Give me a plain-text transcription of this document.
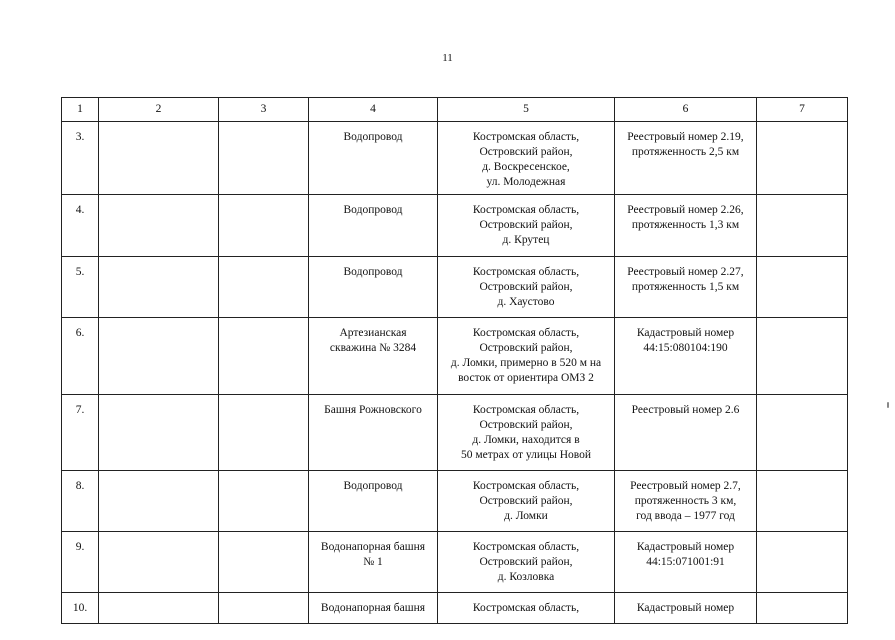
11
1	2	3	4	5	6	7
3.			Водопровод	Костромская область,
Островский район,
д. Воскресенское,
ул. Молодежная	Реестровый номер 2.19,
протяженность 2,5 км	

4.			Водопровод	Костромская область,
Островский район,
д. Крутец	Реестровый номер 2.26,
протяженность 1,3 км	

5.			Водопровод	Костромская область,
Островский район,
д. Хаустово	Реестровый номер 2.27,
протяженность 1,5 км	

6.			Артезианская
скважина № 3284	Костромская область,
Островский район,
д. Ломки, примерно в 520 м на
восток от ориентира ОМЗ 2	Кадастровый номер
44:15:080104:190	

7.			Башня Рожновского	Костромская область,
Островский район,
д. Ломки, находится в
50 метрах от улицы Новой	Реестровый номер 2.6	

8.			Водопровод	Костромская область,
Островский район,
д. Ломки	Реестровый номер 2.7,
протяженность 3 км,
год ввода – 1977 год	

9.			Водонапорная башня
№ 1	Костромская область,
Островский район,
д. Козловка	Кадастровый номер
44:15:071001:91	

10.			Водонапорная башня	Костромская область,	Кадастровый номер	
